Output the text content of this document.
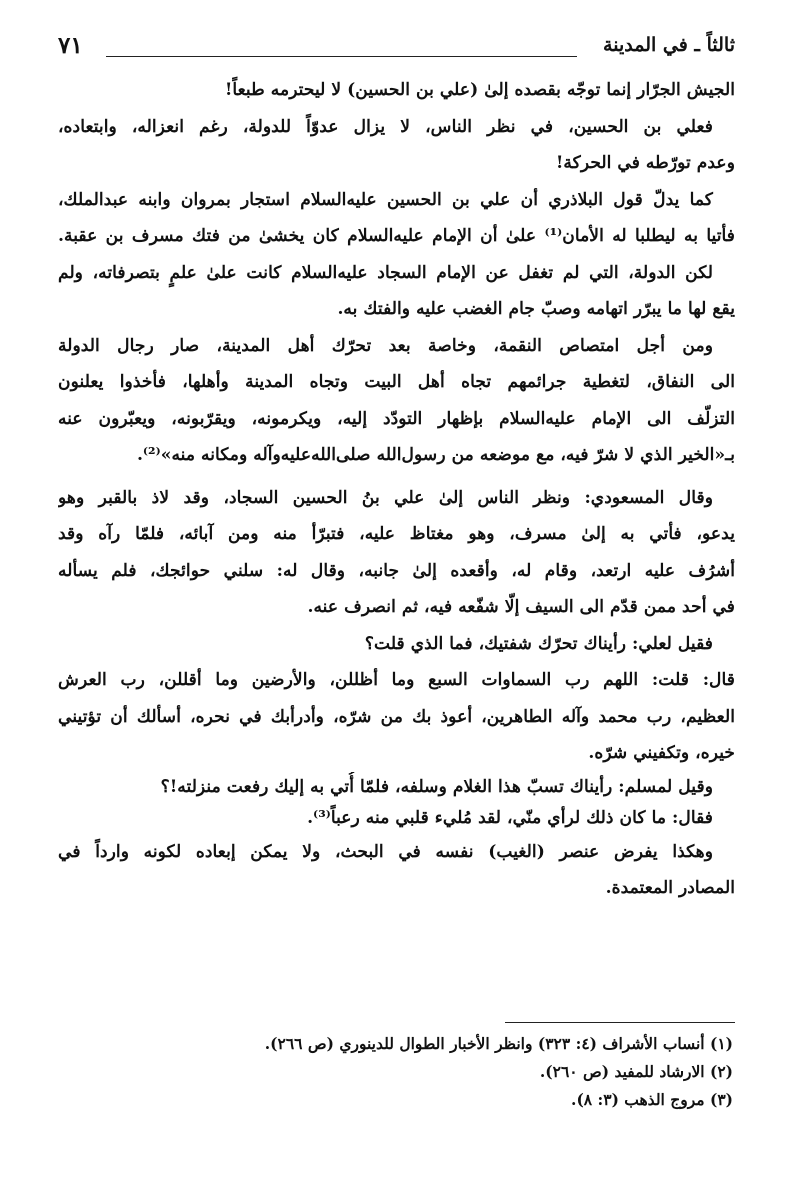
٧١	ثالثاً ـ في المدينة
الجيش الجرّار إنما توجّه بقصده إلىٰ (علي بن الحسين) لا ليحترمه طبعاً!
فعلي بن الحسين، في نظر الناس، لا يزال عدوّاً للدولة، رغم انعزاله، وابتعاده،
وعدم تورّطه في الحركة!
كما يدلّ قول البلاذري أن علي بن الحسين عليه‌السلام استجار بمروان وابنه عبدالملك،
فأتيا به ليطلبا له الأمان⁽¹⁾ علىٰ أن الإمام عليه‌السلام كان يخشىٰ من فتك مسرف بن عقبة.
لكن الدولة، التي لم تغفل عن الإمام السجاد عليه‌السلام كانت علىٰ علمٍ بتصرفاته، ولم
يقع لها ما يبرّر اتهامه وصبّ جام الغضب عليه والفتك به.
ومن أجل امتصاص النقمة، وخاصة بعد تحرّك أهل المدينة، صار رجال الدولة
الى النفاق، لتغطية جرائمهم تجاه أهل البيت وتجاه المدينة وأهلها، فأخذوا يعلنون
التزلّف الى الإمام عليه‌السلام بإظهار التودّد إليه، ويكرمونه، ويقرّبونه، ويعبّرون عنه
بـ«الخير الذي لا شرّ فيه، مع موضعه من رسول‌الله صلى‌الله‌عليه‌وآله ومكانه منه»⁽²⁾.
وقال المسعودي: ونظر الناس إلىٰ علي بنُ الحسين السجاد، وقد لاذ بالقبر وهو
يدعو، فأتي به إلىٰ مسرف، وهو مغتاظ عليه، فتبرّأ منه ومن آبائه، فلمّا رآه وقد
أشرُف عليه ارتعد، وقام له، وأقعده إلىٰ جانبه، وقال له: سلني حوائجك، فلم يسأله
في أحد ممن قدّم الى السيف إلّا شفّعه فيه، ثم انصرف عنه.
فقيل لعلي: رأيناك تحرّك شفتيك، فما الذي قلت؟
قال: قلت: اللهم رب السماوات السبع وما أظللن، والأرضين وما أقللن، رب العرش
العظيم، رب محمد وآله الطاهرين، أعوذ بك من شرّه، وأدرأبك في نحره، أسألك أن تؤتيني
خيره، وتكفيني شرّه.
وقيل لمسلم: رأيناك تسبّ هذا الغلام وسلفه، فلمّا أُتي به إليك رفعت منزلته!؟
فقال: ما كان ذلك لرأي منّي، لقد مُليء قلبي منه رعباً⁽³⁾.
وهكذا يفرض عنصر (الغيب) نفسه في البحث، ولا يمكن إبعاده لكونه وارداً في
المصادر المعتمدة.
(١) أنساب الأشراف (٤: ٣٢٣) وانظر الأخبار الطوال للدينوري (ص ٢٦٦).
(٢) الارشاد للمفيد (ص ٢٦٠).
(٣) مروج الذهب (٣: ٨).
